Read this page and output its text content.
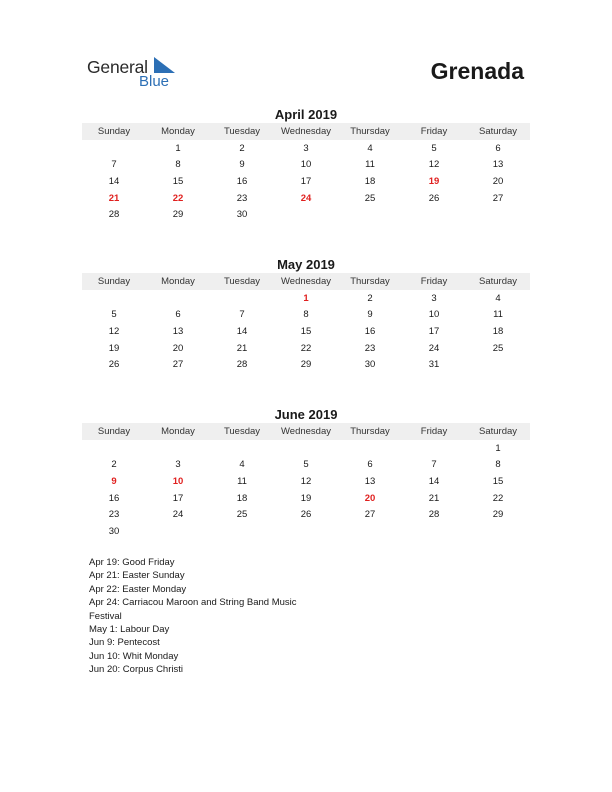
General
Blue	Grenada
April 2019
Sunday	Monday	Tuesday	Wednesday	Thursday	Friday	Saturday
	1	2	3	4	5	6
7	8	9	10	11	12	13
14	15	16	17	18	19	20
21	22	23	24	25	26	27
28	29	30				
May 2019
Sunday	Monday	Tuesday	Wednesday	Thursday	Friday	Saturday
			1	2	3	4
5	6	7	8	9	10	11
12	13	14	15	16	17	18
19	20	21	22	23	24	25
26	27	28	29	30	31	
June 2019
Sunday	Monday	Tuesday	Wednesday	Thursday	Friday	Saturday
						1
2	3	4	5	6	7	8
9	10	11	12	13	14	15
16	17	18	19	20	21	22
23	24	25	26	27	28	29
30						
Apr 19: Good Friday
Apr 21: Easter Sunday
Apr 22: Easter Monday
Apr 24: Carriacou Maroon and String Band Music
Festival
May 1: Labour Day
Jun 9: Pentecost
Jun 10: Whit Monday
Jun 20: Corpus Christi
